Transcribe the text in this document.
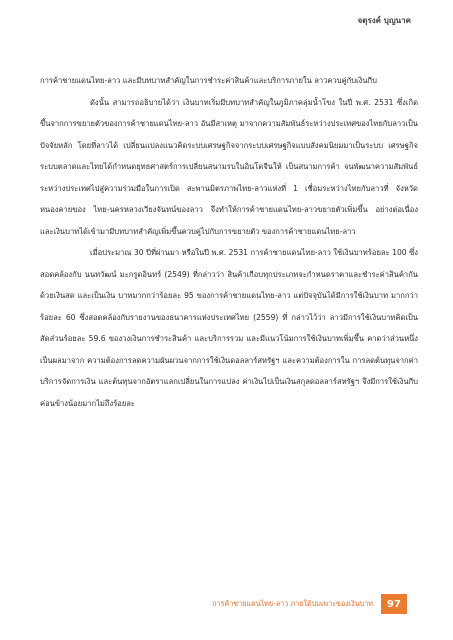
จตุรงค์ บุญนาค

การค้าชายแดนไทย-ลาว และมีบทบาทสำคัญในการชำระค่าสินค้าและบริการภายใน ลาวควบคู่กับเงินกีบ

ดังนั้น สามารถอธิบายได้ว่า เงินบาทเริ่มมีบทบาทสำคัญในภูมิภาคลุ่มน้ำโขง ในปี พ.ศ. 2531 ซึ่งเกิดขึ้นจากการขยายตัวของการค้าชายแดนไทย-ลาว อันมีสาเหตุ มาจากความสัมพันธ์ระหว่างประเทศของไทยกับลาวเป็นปัจจัยหลัก โดยที่ลาวได้ เปลี่ยนแปลงแนวคิดระบบเศรษฐกิจจากระบบเศรษฐกิจแบบสังคมนิยมมาเป็นระบบ เศรษฐกิจระบบตลาดและไทยได้กำหนดยุทธศาสตร์การเปลี่ยนสนามรบในอินโดจีนให้ เป็นสนามการค้า จนพัฒนาความสัมพันธ์ระหว่างประเทศไปสู่ความร่วมมือในการเปิด สะพานมิตรภาพไทย-ลาวแห่งที่ 1 เชื่อมระหว่างไทยกับลาวที่ จังหวัดหนองคายของ ไทย-นครหลวงเวียงจันทน์ของลาว จึงทำให้การค้าชายแดนไทย-ลาวขยายตัวเพิ่มขึ้น อย่างต่อเนื่อง และเงินบาทได้เข้ามามีบทบาทสำคัญเพิ่มขึ้นควบคู่ไปกับการขยายตัว ของการค้าชายแดนไทย-ลาว

เมื่อประมาณ 30 ปีที่ผ่านมา หรือในปี พ.ศ. 2531 การค้าชายแดนไทย-ลาว ใช้เงินบาทร้อยละ 100 ซึ่งสอดคล้องกับ นนทวัฒน์ มะกรูดอินทร์ (2549) ที่กล่าวว่า สินค้าเกือบทุกประเภทจะกำหนดราคาและชำระค่าสินค้ากันด้วยเงินสด และเป็นเงิน บาทมากกว่าร้อยละ 95 ของการค้าชายแดนไทย-ลาว แต่ปัจจุบันได้มีการใช้เงินบาท มากกว่าร้อยละ 60 ซึ่งสอดคล้องกับรายงานของธนาคารแห่งประเทศไทย (2559) ที่ กล่าวไว้ว่า ลาวมีการใช้เงินบาทคิดเป็นสัดส่วนร้อยละ 59.6 ของวงเงินการชำระสินค้า และบริการรวม และมีแนวโน้มการใช้เงินบาทเพิ่มขึ้น คาดว่าส่วนหนึ่งเป็นผลมาจาก ความต้องการลดความผันผวนจากการใช้เงินดอลลาร์สหรัฐฯ และความต้องการใน การลดต้นทุนจากค่าบริการจัดการเงิน และต้นทุนจากอัตราแลกเปลี่ยนในการแปลง ค่าเงินไปเป็นเงินสกุลดอลลาร์สหรัฐฯ จึงมีการใช้เงินกีบค่อนข้างน้อยมากไม่ถึงร้อยละ

การค้าชายแดนไทย-ลาว ภายใต้บ่มเพาะของเงินบาท 97
